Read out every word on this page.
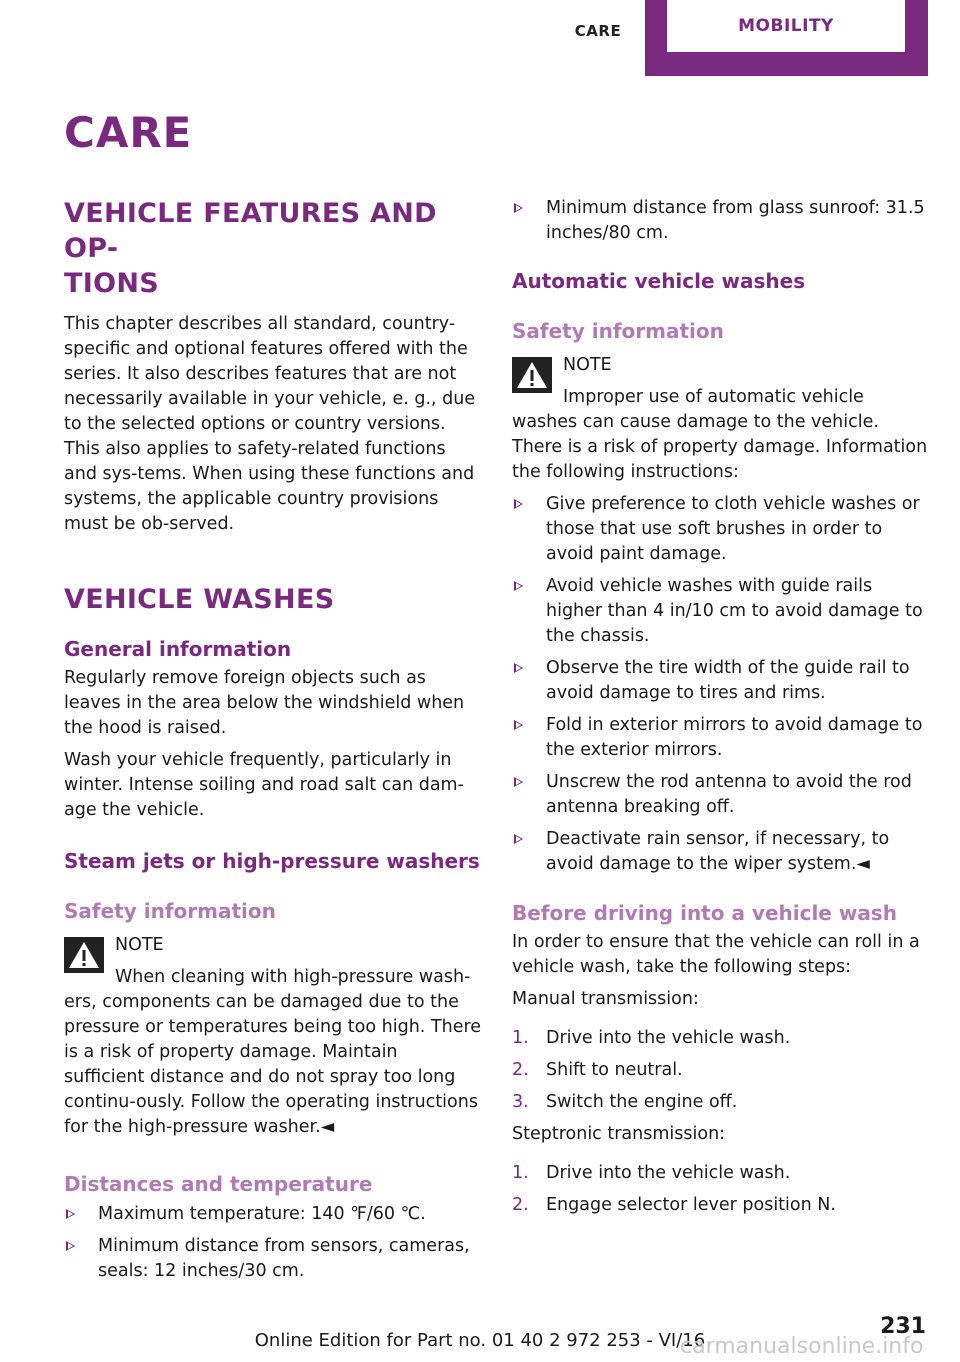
CARE	MOBILITY
CARE
VEHICLE FEATURES AND OP-
TIONS

This chapter describes all standard, country-specific and optional features offered with the series. It also describes features that are not necessarily available in your vehicle, e. g., due to the selected options or country versions. This also applies to safety-related functions and sys-tems. When using these functions and systems, the applicable country provisions must be ob-served.

VEHICLE WASHES
General information

Regularly remove foreign objects such as leaves in the area below the windshield when the hood is raised.

Wash your vehicle frequently, particularly in winter. Intense soiling and road salt can dam-age the vehicle.

Steam jets or high-pressure washers
Safety information
NOTE
When cleaning with high-pressure wash-

ers, components can be damaged due to the pressure or temperatures being too high. There is a risk of property damage. Maintain sufficient distance and do not spray too long continu-ously. Follow the operating instructions for the high-pressure washer.◄

Distances and temperature
Maximum temperature: 140 ℉/60 ℃.
Minimum distance from sensors, cameras, seals: 12 inches/30 cm.
Minimum distance from glass sunroof: 31.5 inches/80 cm.
Automatic vehicle washes
Safety information
NOTE
Improper use of automatic vehicle

washes can cause damage to the vehicle. There is a risk of property damage. Information the following instructions:

Give preference to cloth vehicle washes or those that use soft brushes in order to avoid paint damage.
Avoid vehicle washes with guide rails higher than 4 in/10 cm to avoid damage to the chassis.
Observe the tire width of the guide rail to avoid damage to tires and rims.
Fold in exterior mirrors to avoid damage to the exterior mirrors.
Unscrew the rod antenna to avoid the rod antenna breaking off.
Deactivate rain sensor, if necessary, to avoid damage to the wiper system.◄
Before driving into a vehicle wash

In order to ensure that the vehicle can roll in a vehicle wash, take the following steps:

Manual transmission:

1. Drive into the vehicle wash.
2. Shift to neutral.
3. Switch the engine off.

Steptronic transmission:

1. Drive into the vehicle wash.
2. Engage selector lever position N.
Online Edition for Part no. 01 40 2 972 253 - VI/16
231
carmanualsonline.info
